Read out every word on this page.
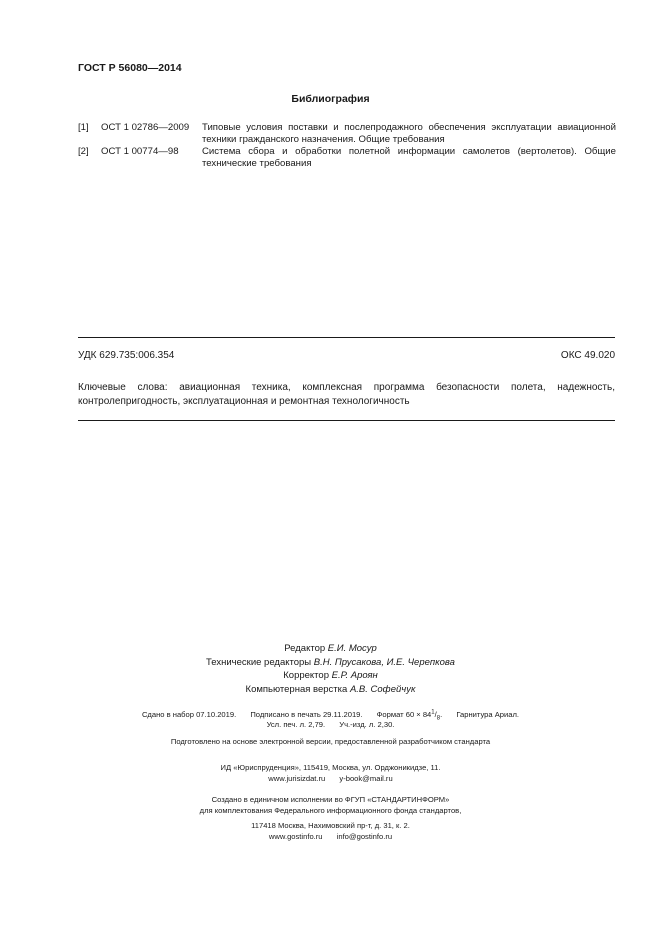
ГОСТ Р 56080—2014
Библиография
[1]	ОСТ 1 02786—2009	Типовые условия поставки и послепродажного обеспечения эксплуатации авиационной техники гражданского назначения. Общие требования
[2]	ОСТ 1 00774—98	Система сбора и обработки полетной информации самолетов (вертолетов). Общие технические требования
УДК 629.735:006.354	ОКС 49.020
Ключевые слова: авиационная техника, комплексная программа безопасности полета, надежность, контролепригодность, эксплуатационная и ремонтная технологичность
Редактор Е.И. Мосур
Технические редакторы В.Н. Прусакова, И.Е. Черепкова
Корректор Е.Р. Ароян
Компьютерная верстка А.В. Софейчук
Сдано в набор 07.10.2019. Подписано в печать 29.11.2019. Формат $60 \times 84^1/_8$. Гарнитура Ариал.
Усл. печ. л. 2,79. Уч.-изд. л. 2,30.
Подготовлено на основе электронной версии, предоставленной разработчиком стандарта
ИД «Юриспруденция», 115419, Москва, ул. Орджоникидзе, 11.
www.jurisizdat.ru y-book@mail.ru
Создано в единичном исполнении во ФГУП «СТАНДАРТИНФОРМ»
для комплектования Федерального информационного фонда стандартов,
117418 Москва, Нахимовский пр-т, д. 31, к. 2.
www.gostinfo.ru info@gostinfo.ru
